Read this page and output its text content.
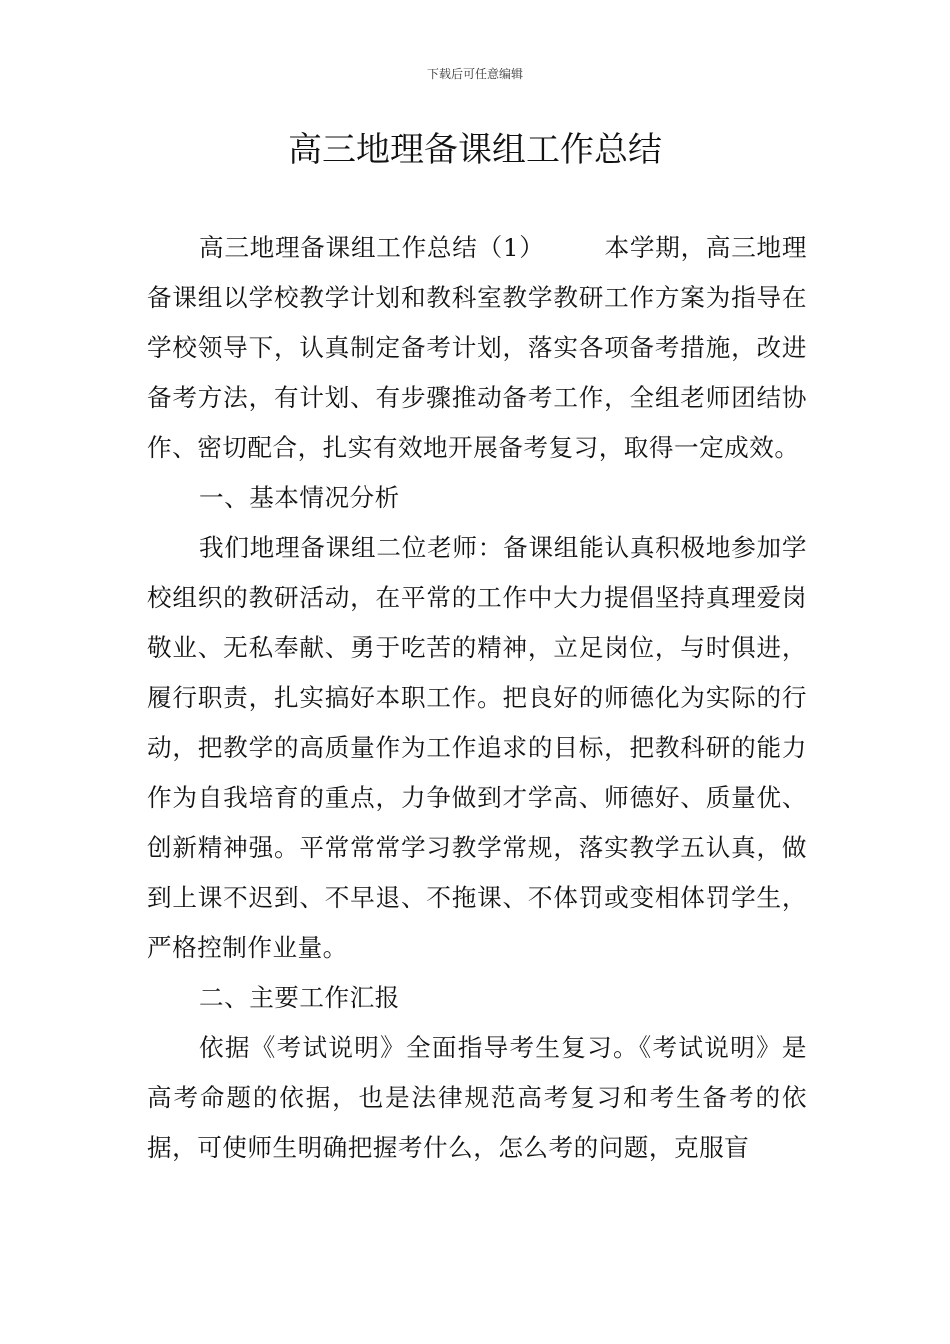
下载后可任意编辑
高三地理备课组工作总结

高三地理备课组工作总结（1） 本学期，高三地理备课组以学校教学计划和教科室教学教研工作方案为指导在学校领导下，认真制定备考计划，落实各项备考措施，改进备考方法，有计划、有步骤推动备考工作，全组老师团结协作、密切配合，扎实有效地开展备考复习，取得一定成效。

一、基本情况分析

我们地理备课组二位老师：备课组能认真积极地参加学校组织的教研活动，在平常的工作中大力提倡坚持真理爱岗敬业、无私奉献、勇于吃苦的精神，立足岗位，与时俱进，履行职责，扎实搞好本职工作。把良好的师德化为实际的行动，把教学的高质量作为工作追求的目标，把教科研的能力作为自我培育的重点，力争做到才学高、师德好、质量优、创新精神强。平常常常学习教学常规，落实教学五认真，做到上课不迟到、不早退、不拖课、不体罚或变相体罚学生，严格控制作业量。

二、主要工作汇报

依据《考试说明》全面指导考生复习。《考试说明》是高考命题的依据，也是法律规范高考复习和考生备考的依据，可使师生明确把握考什么，怎么考的问题，克服盲
